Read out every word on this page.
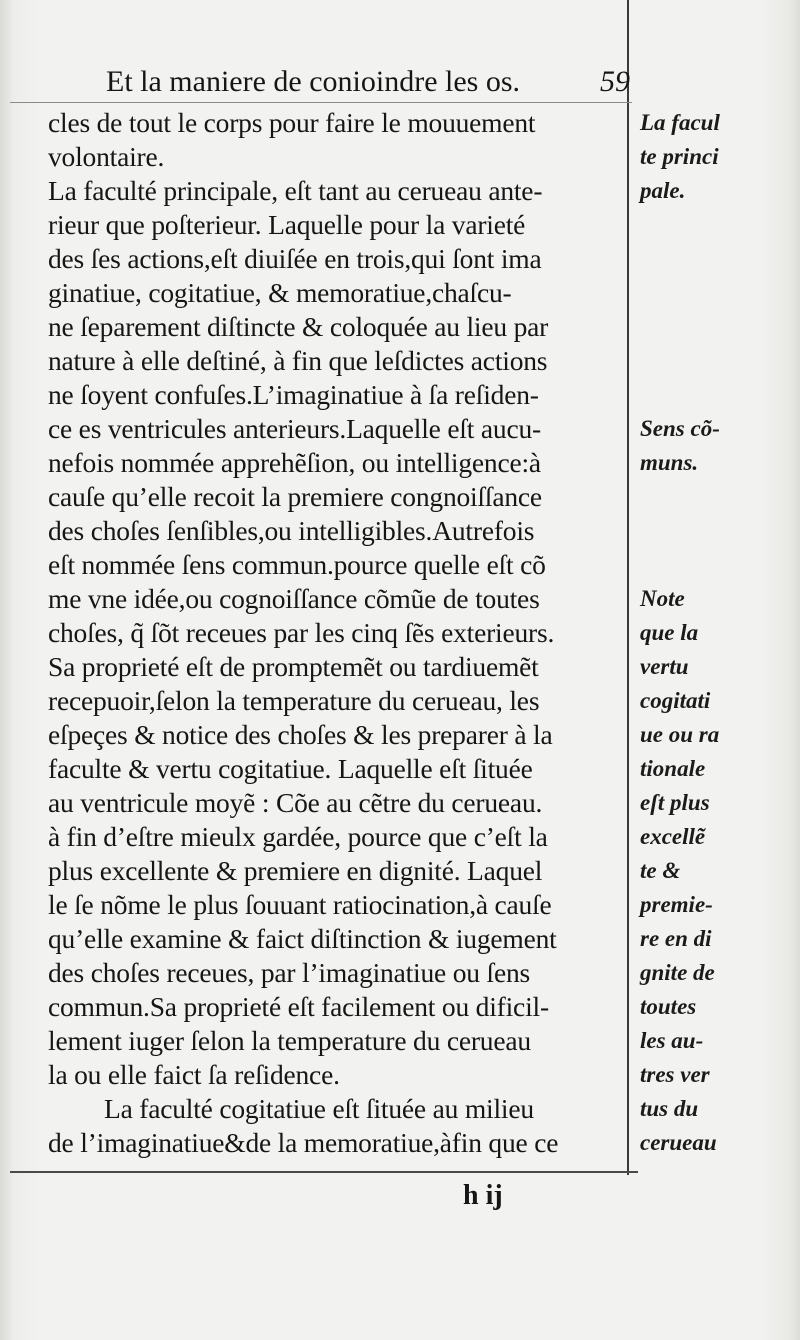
Et la maniere de conioindre les os.	59
cles de tout le corps pour faire le mouuement
volontaire.
La faculté principale, eſt tant au cerueau ante-
rieur que poſterieur. Laquelle pour la varieté
des ſes actions,eſt diuiſée en trois,qui ſont ima
ginatiue, cogitatiue, & memoratiue,chaſcu-
ne ſeparement diſtincte & coloquée au lieu par
nature à elle deſtiné, à fin que leſdictes actions
ne ſoyent confuſes.L’imaginatiue à ſa reſiden-
ce es ventricules anterieurs.Laquelle eſt aucu-
nefois nommée apprehẽſion, ou intelligence:à
cauſe qu’elle recoit la premiere congnoiſſance
des choſes ſenſibles,ou intelligibles.Autrefois
eſt nommée ſens commun.pource quelle eſt cõ
me vne idée,ou cognoiſſance cõmũe de toutes
choſes, q̃ ſõt receues par les cinq ſẽs exterieurs.
Sa proprieté eſt de promptemẽt ou tardiuemẽt
recepuoir,ſelon la temperature du cerueau, les
eſpeçes & notice des choſes & les preparer à la
faculte & vertu cogitatiue. Laquelle eſt ſituée
au ventricule moyẽ : Cõe au cẽtre du cerueau.
à fin d’eſtre mieulx gardée, pource que c’eſt la
plus excellente & premiere en dignité. Laquel
le ſe nõme le plus ſouuant ratiocination,à cauſe
qu’elle examine & faict diſtinction & iugement
des choſes receues, par l’imaginatiue ou ſens
commun.Sa proprieté eſt facilement ou dificil-
lement iuger ſelon la temperature du cerueau
la ou elle faict ſa reſidence.
La faculté cogitatiue eſt ſituée au milieu
de l’imaginatiue&de la memoratiue,àfin que ce
La facul
te princi
pale.
Sens cõ-
muns.
Note
que la
vertu
cogitati
ue ou ra
tionale
eſt plus
excellẽ
te &
premie-
re en di
gnite de
toutes
les au-
tres ver
tus du
cerueau
h ij
